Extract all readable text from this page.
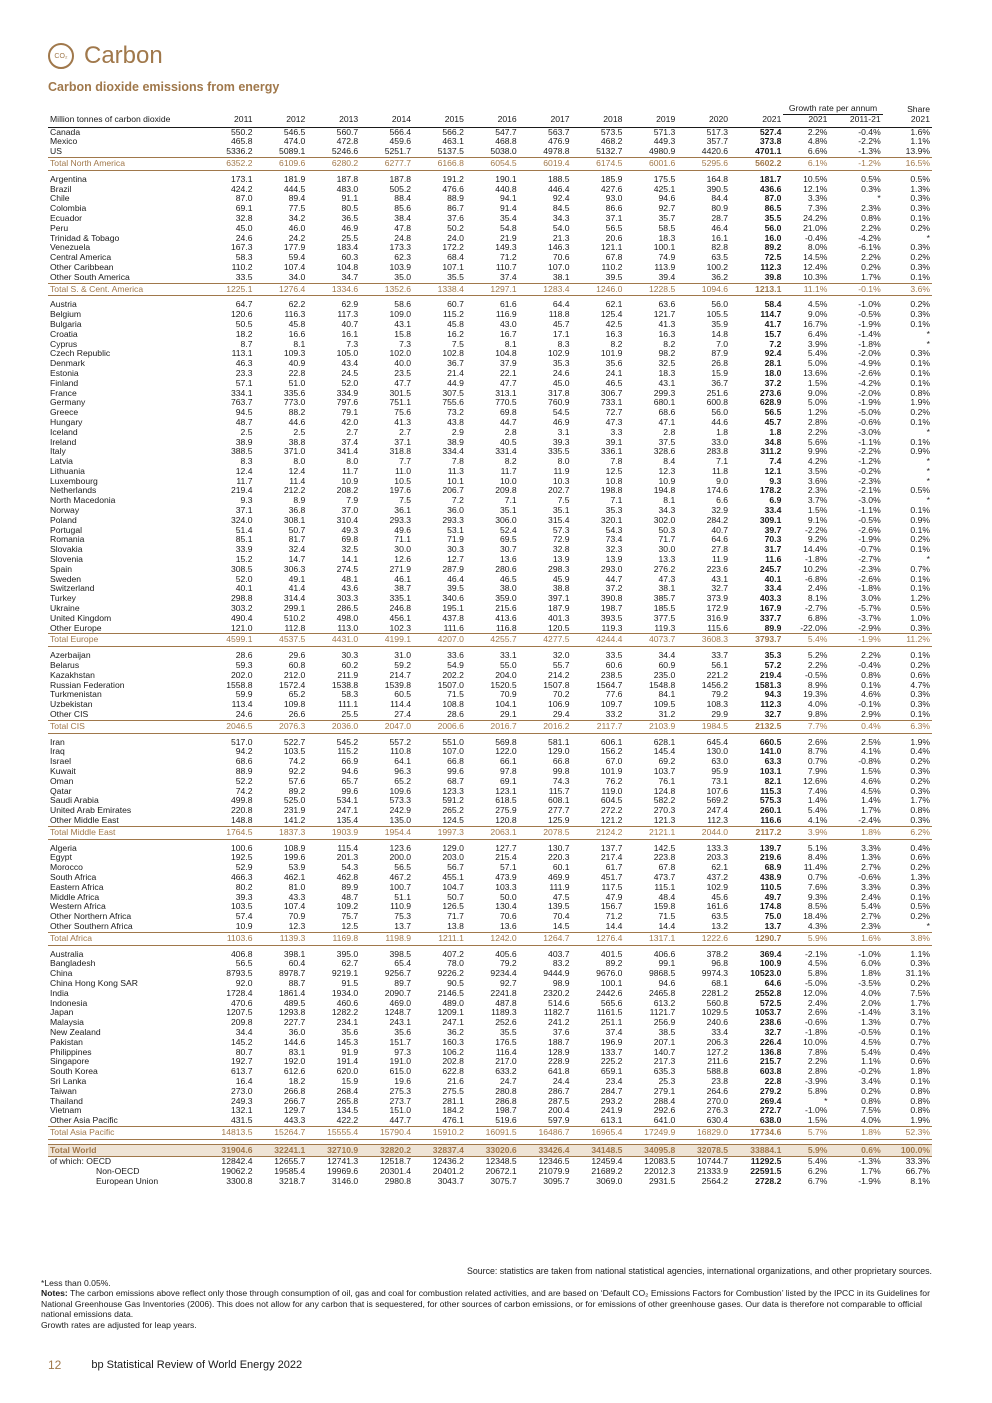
CO₂ Carbon
Carbon dioxide emissions from energy
												Growth rate per annum		Share
Million tonnes of carbon dioxide	2011	2012	2013	2014	2015	2016	2017	2018	2019	2020	2021	2021	2011-21	2021
Canada	550.2	546.5	560.7	566.4	566.2	547.7	563.7	573.5	571.3	517.3	527.4	2.2%	-0.4%	1.6%
Mexico	465.8	474.0	472.8	459.6	463.1	468.8	476.9	468.2	449.3	357.7	373.8	4.8%	-2.2%	1.1%
US	5336.2	5089.1	5246.6	5251.7	5137.5	5038.0	4978.8	5132.7	4980.9	4420.6	4701.1	6.6%	-1.3%	13.9%
Total North America	6352.2	6109.6	6280.2	6277.7	6166.8	6054.5	6019.4	6174.5	6001.6	5295.6	5602.2	6.1%	-1.2%	16.5%

Argentina	173.1	181.9	187.8	187.8	191.2	190.1	188.5	185.9	175.5	164.8	181.7	10.5%	0.5%	0.5%
Brazil	424.2	444.5	483.0	505.2	476.6	440.8	446.4	427.6	425.1	390.5	436.6	12.1%	0.3%	1.3%
Chile	87.0	89.4	91.1	88.4	88.9	94.1	92.4	93.0	94.6	84.4	87.0	3.3%	*	0.3%
Colombia	69.1	77.5	80.5	85.6	86.7	91.4	84.5	86.6	92.7	80.9	86.5	7.3%	2.3%	0.3%
Ecuador	32.8	34.2	36.5	38.4	37.6	35.4	34.3	37.1	35.7	28.7	35.5	24.2%	0.8%	0.1%
Peru	45.0	46.0	46.9	47.8	50.2	54.8	54.0	56.5	58.5	46.4	56.0	21.0%	2.2%	0.2%
Trinidad & Tobago	24.6	24.2	25.5	24.8	24.0	21.9	21.3	20.6	18.3	16.1	16.0	-0.4%	-4.2%	*
Venezuela	167.3	177.9	183.4	173.3	172.2	149.3	146.3	121.1	100.1	82.8	89.2	8.0%	-6.1%	0.3%
Central America	58.3	59.4	60.3	62.3	68.4	71.2	70.6	67.8	74.9	63.5	72.5	14.5%	2.2%	0.2%
Other Caribbean	110.2	107.4	104.8	103.9	107.1	110.7	107.0	110.2	113.9	100.2	112.3	12.4%	0.2%	0.3%
Other South America	33.5	34.0	34.7	35.0	35.5	37.4	38.1	39.5	39.4	36.2	39.8	10.3%	1.7%	0.1%
Total S. & Cent. America	1225.1	1276.4	1334.6	1352.6	1338.4	1297.1	1283.4	1246.0	1228.5	1094.6	1213.1	11.1%	-0.1%	3.6%

Austria	64.7	62.2	62.9	58.6	60.7	61.6	64.4	62.1	63.6	56.0	58.4	4.5%	-1.0%	0.2%
Belgium	120.6	116.3	117.3	109.0	115.2	116.9	118.8	125.4	121.7	105.5	114.7	9.0%	-0.5%	0.3%
Bulgaria	50.5	45.8	40.7	43.1	45.8	43.0	45.7	42.5	41.3	35.9	41.7	16.7%	-1.9%	0.1%
Croatia	18.2	16.6	16.1	15.8	16.2	16.7	17.1	16.3	16.3	14.8	15.7	6.4%	-1.4%	*
Cyprus	8.7	8.1	7.3	7.3	7.5	8.1	8.3	8.2	8.2	7.0	7.2	3.9%	-1.8%	*
Czech Republic	113.1	109.3	105.0	102.0	102.8	104.8	102.9	101.9	98.2	87.9	92.4	5.4%	-2.0%	0.3%
Denmark	46.3	40.9	43.4	40.0	36.7	37.9	35.3	35.6	32.5	26.8	28.1	5.0%	-4.9%	0.1%
Estonia	23.3	22.8	24.5	23.5	21.4	22.1	24.6	24.1	18.3	15.9	18.0	13.6%	-2.6%	0.1%
Finland	57.1	51.0	52.0	47.7	44.9	47.7	45.0	46.5	43.1	36.7	37.2	1.5%	-4.2%	0.1%
France	334.1	335.6	334.9	301.5	307.5	313.1	317.8	306.7	299.3	251.6	273.6	9.0%	-2.0%	0.8%
Germany	763.7	773.0	797.6	751.1	755.6	770.5	760.9	733.1	680.1	600.8	628.9	5.0%	-1.9%	1.9%
Greece	94.5	88.2	79.1	75.6	73.2	69.8	54.5	72.7	68.6	56.0	56.5	1.2%	-5.0%	0.2%
Hungary	48.7	44.6	42.0	41.3	43.8	44.7	46.9	47.3	47.1	44.6	45.7	2.8%	-0.6%	0.1%
Iceland	2.5	2.5	2.7	2.7	2.9	2.8	3.1	3.3	2.8	1.8	1.8	2.2%	-3.0%	*
Ireland	38.9	38.8	37.4	37.1	38.9	40.5	39.3	39.1	37.5	33.0	34.8	5.6%	-1.1%	0.1%
Italy	388.5	371.0	341.4	318.8	334.4	331.4	335.5	336.1	328.6	283.8	311.2	9.9%	-2.2%	0.9%
Latvia	8.3	8.0	8.0	7.7	7.8	8.2	8.0	7.8	8.4	7.1	7.4	4.2%	-1.2%	*
Lithuania	12.4	12.4	11.7	11.0	11.3	11.7	11.9	12.5	12.3	11.8	12.1	3.5%	-0.2%	*
Luxembourg	11.7	11.4	10.9	10.5	10.1	10.0	10.3	10.8	10.9	9.0	9.3	3.6%	-2.3%	*
Netherlands	219.4	212.2	208.2	197.6	206.7	209.8	202.7	198.8	194.8	174.6	178.2	2.3%	-2.1%	0.5%
North Macedonia	9.3	8.9	7.9	7.5	7.2	7.1	7.5	7.1	8.1	6.6	6.9	3.7%	-3.0%	*
Norway	37.1	36.8	37.0	36.1	36.0	35.1	35.1	35.3	34.3	32.9	33.4	1.5%	-1.1%	0.1%
Poland	324.0	308.1	310.4	293.3	293.3	306.0	315.4	320.1	302.0	284.2	309.1	9.1%	-0.5%	0.9%
Portugal	51.4	50.7	49.3	49.6	53.1	52.4	57.3	54.3	50.3	40.7	39.7	-2.2%	-2.6%	0.1%
Romania	85.1	81.7	69.8	71.1	71.9	69.5	72.9	73.4	71.7	64.6	70.3	9.2%	-1.9%	0.2%
Slovakia	33.9	32.4	32.5	30.0	30.3	30.7	32.8	32.3	30.0	27.8	31.7	14.4%	-0.7%	0.1%
Slovenia	15.2	14.7	14.1	12.6	12.7	13.6	13.9	13.9	13.3	11.9	11.6	-1.8%	-2.7%	*
Spain	308.5	306.3	274.5	271.9	287.9	280.6	298.3	293.0	276.2	223.6	245.7	10.2%	-2.3%	0.7%
Sweden	52.0	49.1	48.1	46.1	46.4	46.5	45.9	44.7	47.3	43.1	40.1	-6.8%	-2.6%	0.1%
Switzerland	40.1	41.4	43.6	38.7	39.5	38.0	38.8	37.2	38.1	32.7	33.4	2.4%	-1.8%	0.1%
Turkey	298.8	314.4	303.3	335.1	340.6	359.0	397.1	390.8	385.7	373.9	403.3	8.1%	3.0%	1.2%
Ukraine	303.2	299.1	286.5	246.8	195.1	215.6	187.9	198.7	185.5	172.9	167.9	-2.7%	-5.7%	0.5%
United Kingdom	490.4	510.2	498.0	456.1	437.8	413.6	401.3	393.5	377.5	316.9	337.7	6.8%	-3.7%	1.0%
Other Europe	121.0	112.8	113.0	102.3	111.6	116.8	120.5	119.3	119.3	115.6	89.9	-22.0%	-2.9%	0.3%
Total Europe	4599.1	4537.5	4431.0	4199.1	4207.0	4255.7	4277.5	4244.4	4073.7	3608.3	3793.7	5.4%	-1.9%	11.2%

Azerbaijan	28.6	29.6	30.3	31.0	33.6	33.1	32.0	33.5	34.4	33.7	35.3	5.2%	2.2%	0.1%
Belarus	59.3	60.8	60.2	59.2	54.9	55.0	55.7	60.6	60.9	56.1	57.2	2.2%	-0.4%	0.2%
Kazakhstan	202.0	212.0	211.9	214.7	202.2	204.0	214.2	238.5	235.0	221.2	219.4	-0.5%	0.8%	0.6%
Russian Federation	1558.8	1572.4	1538.8	1539.8	1507.0	1520.5	1507.8	1564.7	1548.8	1456.2	1581.3	8.9%	0.1%	4.7%
Turkmenistan	59.9	65.2	58.3	60.5	71.5	70.9	70.2	77.6	84.1	79.2	94.3	19.3%	4.6%	0.3%
Uzbekistan	113.4	109.8	111.1	114.4	108.8	104.1	106.9	109.7	109.5	108.3	112.3	4.0%	-0.1%	0.3%
Other CIS	24.6	26.6	25.5	27.4	28.6	29.1	29.4	33.2	31.2	29.9	32.7	9.8%	2.9%	0.1%
Total CIS	2046.5	2076.3	2036.0	2047.0	2006.6	2016.7	2016.2	2117.7	2103.9	1984.5	2132.5	7.7%	0.4%	6.3%

Iran	517.0	522.7	545.2	557.2	551.0	569.8	581.1	606.1	628.1	645.4	660.5	2.6%	2.5%	1.9%
Iraq	94.2	103.5	115.2	110.8	107.0	122.0	129.0	156.2	145.4	130.0	141.0	8.7%	4.1%	0.4%
Israel	68.6	74.2	66.9	64.1	66.8	66.1	66.8	67.0	69.2	63.0	63.3	0.7%	-0.8%	0.2%
Kuwait	88.9	92.2	94.6	96.3	99.6	97.8	99.8	101.9	103.7	95.9	103.1	7.9%	1.5%	0.3%
Oman	52.2	57.6	65.7	65.2	68.7	69.1	74.3	76.2	76.1	73.1	82.1	12.6%	4.6%	0.2%
Qatar	74.2	89.2	99.6	109.6	123.3	123.1	115.7	119.0	124.8	107.6	115.3	7.4%	4.5%	0.3%
Saudi Arabia	499.8	525.0	534.1	573.3	591.2	618.5	608.1	604.5	582.2	569.2	575.3	1.4%	1.4%	1.7%
United Arab Emirates	220.8	231.9	247.1	242.9	265.2	275.9	277.7	272.2	270.3	247.4	260.1	5.4%	1.7%	0.8%
Other Middle East	148.8	141.2	135.4	135.0	124.5	120.8	125.9	121.2	121.3	112.3	116.6	4.1%	-2.4%	0.3%
Total Middle East	1764.5	1837.3	1903.9	1954.4	1997.3	2063.1	2078.5	2124.2	2121.1	2044.0	2117.2	3.9%	1.8%	6.2%

Algeria	100.6	108.9	115.4	123.6	129.0	127.7	130.7	137.7	142.5	133.3	139.7	5.1%	3.3%	0.4%
Egypt	192.5	199.6	201.3	200.0	203.0	215.4	220.3	217.4	223.8	203.3	219.6	8.4%	1.3%	0.6%
Morocco	52.9	53.9	54.3	56.5	56.7	57.1	60.1	61.7	67.8	62.1	68.9	11.4%	2.7%	0.2%
South Africa	466.3	462.1	462.8	467.2	455.1	473.9	469.9	451.7	473.7	437.2	438.9	0.7%	-0.6%	1.3%
Eastern Africa	80.2	81.0	89.9	100.7	104.7	103.3	111.9	117.5	115.1	102.9	110.5	7.6%	3.3%	0.3%
Middle Africa	39.3	43.3	48.7	51.1	50.7	50.0	47.5	47.9	48.4	45.6	49.7	9.3%	2.4%	0.1%
Western Africa	103.5	107.4	109.2	110.9	126.5	130.4	139.5	156.7	159.8	161.6	174.8	8.5%	5.4%	0.5%
Other Northern Africa	57.4	70.9	75.7	75.3	71.7	70.6	70.4	71.2	71.5	63.5	75.0	18.4%	2.7%	0.2%
Other Southern Africa	10.9	12.3	12.5	13.7	13.8	13.6	14.5	14.4	14.4	13.2	13.7	4.3%	2.3%	*
Total Africa	1103.6	1139.3	1169.8	1198.9	1211.1	1242.0	1264.7	1276.4	1317.1	1222.6	1290.7	5.9%	1.6%	3.8%

Australia	406.8	398.1	395.0	398.5	407.2	405.6	403.7	401.5	406.6	378.2	369.4	-2.1%	-1.0%	1.1%
Bangladesh	56.5	60.4	62.7	65.4	78.0	79.2	83.2	89.2	99.1	96.8	100.9	4.5%	6.0%	0.3%
China	8793.5	8978.7	9219.1	9256.7	9226.2	9234.4	9444.9	9676.0	9868.5	9974.3	10523.0	5.8%	1.8%	31.1%
China Hong Kong SAR	92.0	88.7	91.5	89.7	90.5	92.7	98.9	100.1	94.6	68.1	64.6	-5.0%	-3.5%	0.2%
India	1728.4	1861.4	1934.0	2090.7	2146.5	2241.8	2320.2	2442.6	2465.8	2281.2	2552.8	12.0%	4.0%	7.5%
Indonesia	470.6	489.5	460.6	469.0	489.0	487.8	514.6	565.6	613.2	560.8	572.5	2.4%	2.0%	1.7%
Japan	1207.5	1293.8	1282.2	1248.7	1209.1	1189.3	1182.7	1161.5	1121.7	1029.5	1053.7	2.6%	-1.4%	3.1%
Malaysia	209.8	227.7	234.1	243.1	247.1	252.6	241.2	251.1	256.9	240.6	238.6	-0.6%	1.3%	0.7%
New Zealand	34.4	36.0	35.6	35.6	36.2	35.5	37.6	37.4	38.5	33.4	32.7	-1.8%	-0.5%	0.1%
Pakistan	145.2	144.6	145.3	151.7	160.3	176.5	188.7	196.9	207.1	206.3	226.4	10.0%	4.5%	0.7%
Philippines	80.7	83.1	91.9	97.3	106.2	116.4	128.9	133.7	140.7	127.2	136.8	7.8%	5.4%	0.4%
Singapore	192.7	192.0	191.4	191.0	202.8	217.0	228.9	225.2	217.3	211.6	215.7	2.2%	1.1%	0.6%
South Korea	613.7	612.6	620.0	615.0	622.8	633.2	641.8	659.1	635.3	588.8	603.8	2.8%	-0.2%	1.8%
Sri Lanka	16.4	18.2	15.9	19.6	21.6	24.7	24.4	23.4	25.3	23.8	22.8	-3.9%	3.4%	0.1%
Taiwan	273.0	266.8	268.4	275.3	275.5	280.8	286.7	284.7	279.1	264.6	279.2	5.8%	0.2%	0.8%
Thailand	249.3	266.7	265.8	273.7	281.1	286.8	287.5	293.2	288.4	270.0	269.4	*	0.8%	0.8%
Vietnam	132.1	129.7	134.5	151.0	184.2	198.7	200.4	241.9	292.6	276.3	272.7	-1.0%	7.5%	0.8%
Other Asia Pacific	431.5	443.3	422.2	447.7	476.1	519.6	597.9	613.1	641.0	630.4	638.0	1.5%	4.0%	1.9%
Total Asia Pacific	14813.5	15264.7	15555.4	15790.4	15910.2	16091.5	16486.7	16965.4	17249.9	16829.0	17734.6	5.7%	1.8%	52.3%

Total World	31904.6	32241.1	32710.9	32820.2	32837.4	33020.6	33426.4	34148.5	34095.8	32078.5	33884.1	5.9%	0.6%	100.0%
of which: OECD	12842.4	12655.7	12741.3	12518.7	12436.2	12348.5	12346.5	12459.4	12083.5	10744.7	11292.5	5.4%	-1.3%	33.3%
Non-OECD	19062.2	19585.4	19969.6	20301.4	20401.2	20672.1	21079.9	21689.2	22012.3	21333.9	22591.5	6.2%	1.7%	66.7%
European Union	3300.8	3218.7	3146.0	2980.8	3043.7	3075.7	3095.7	3069.0	2931.5	2564.2	2728.2	6.7%	-1.9%	8.1%
Source: statistics are taken from national statistical agencies, international organizations, and other proprietary sources.
*Less than 0.05%.
Notes: The carbon emissions above reflect only those through consumption of oil, gas and coal for combustion related activities, and are based on ‘Default CO₂ Emissions Factors for Combustion’ listed by the IPCC in its Guidelines for National Greenhouse Gas Inventories (2006). This does not allow for any carbon that is sequestered, for other sources of carbon emissions, or for emissions of other greenhouse gases. Our data is therefore not comparable to official national emissions data.
Growth rates are adjusted for leap years.
12	bp Statistical Review of World Energy 2022
